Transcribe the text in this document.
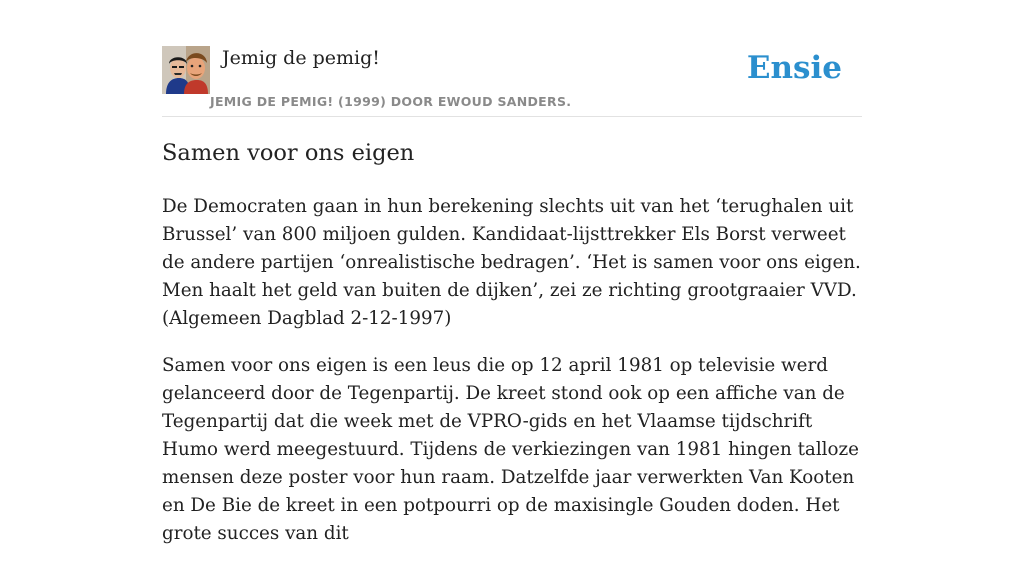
Jemig de pemig!
JEMIG DE PEMIG! (1999) DOOR EWOUD SANDERS.
Ensie
Samen voor ons eigen

De Democraten gaan in hun berekening slechts uit van het ‘terughalen uit Brussel’ van 800 miljoen gulden. Kandidaat-lijsttrekker Els Borst verweet de andere partijen ‘onrealistische bedragen’. ‘Het is samen voor ons eigen. Men haalt het geld van buiten de dijken’, zei ze richting grootgraaier VVD. (Algemeen Dagblad 2-12-1997)

Samen voor ons eigen is een leus die op 12 april 1981 op televisie werd gelanceerd door de Tegenpartij. De kreet stond ook op een affiche van de Tegenpartij dat die week met de VPRO-gids en het Vlaamse tijdschrift Humo werd meegestuurd. Tijdens de verkiezingen van 1981 hingen talloze mensen deze poster voor hun raam. Datzelfde jaar verwerkten Van Kooten en De Bie de kreet in een potpourri op de maxisingle Gouden doden. Het grote succes van dit
